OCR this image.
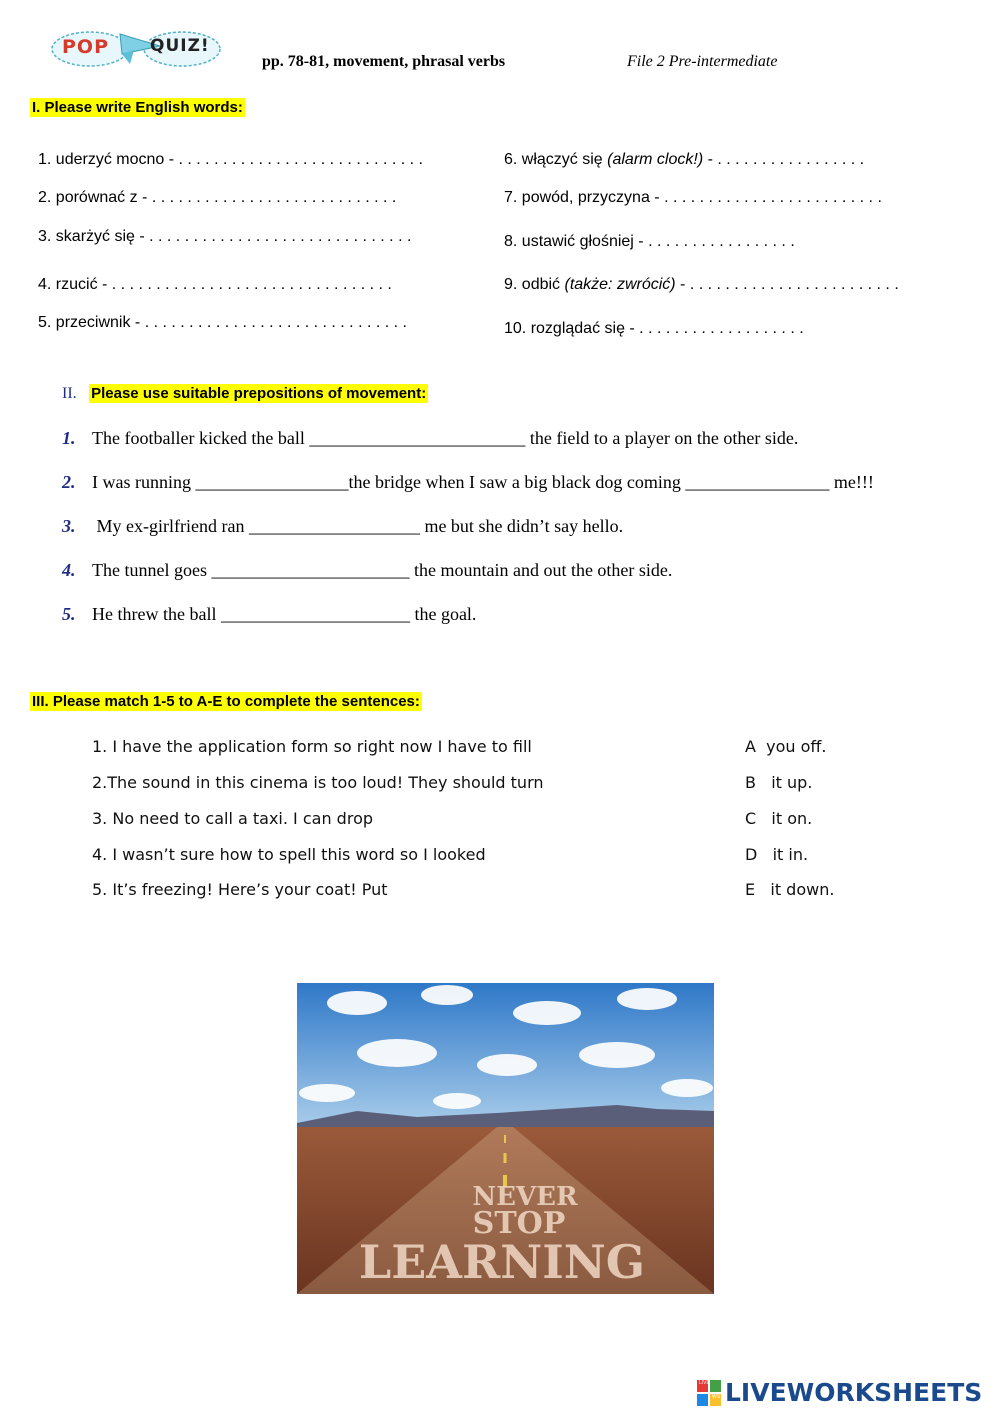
POP QUIZ!
pp. 78-81, movement, phrasal verbs	File 2 Pre-intermediate
I. Please write English words:
1. uderzyć mocno - . . . . . . . . . . . . . . . . . . . . . . . . . . . .
2. porównać z - . . . . . . . . . . . . . . . . . . . . . . . . . . . .
3. skarżyć się - . . . . . . . . . . . . . . . . . . . . . . . . . . . . . .
4. rzucić - . . . . . . . . . . . . . . . . . . . . . . . . . . . . . . . .
5. przeciwnik - . . . . . . . . . . . . . . . . . . . . . . . . . . . . . .
6. włączyć się (alarm clock!) - . . . . . . . . . . . . . . . . .
7. powód, przyczyna - . . . . . . . . . . . . . . . . . . . . . . . . .
8. ustawić głośniej - . . . . . . . . . . . . . . . . .
9. odbić (także: zwrócić) - . . . . . . . . . . . . . . . . . . . . . . . .
10. rozglądać się - . . . . . . . . . . . . . . . . . . .
II. Please use suitable prepositions of movement:
1. The footballer kicked the ball ________________________ the field to a player on the other side.
2. I was running _________________the bridge when I saw a big black dog coming ________________ me!!!
3. My ex-girlfriend ran ___________________ me but she didn’t say hello.
4. The tunnel goes ______________________ the mountain and out the other side.
5. He threw the ball _____________________ the goal.
III. Please match 1-5 to A-E to complete the sentences:
1. I have the application form so right now I have to fill
2.The sound in this cinema is too loud! They should turn
3. No need to call a taxi. I can drop
4. I wasn’t sure how to spell this word so I looked
5. It’s freezing! Here’s your coat! Put
A  you off.
B   it up.
C   it on.
D   it in.
E   it down.
NEVER
STOP
LEARNING
LIVEWORKSHEETS
LIVE
WS
